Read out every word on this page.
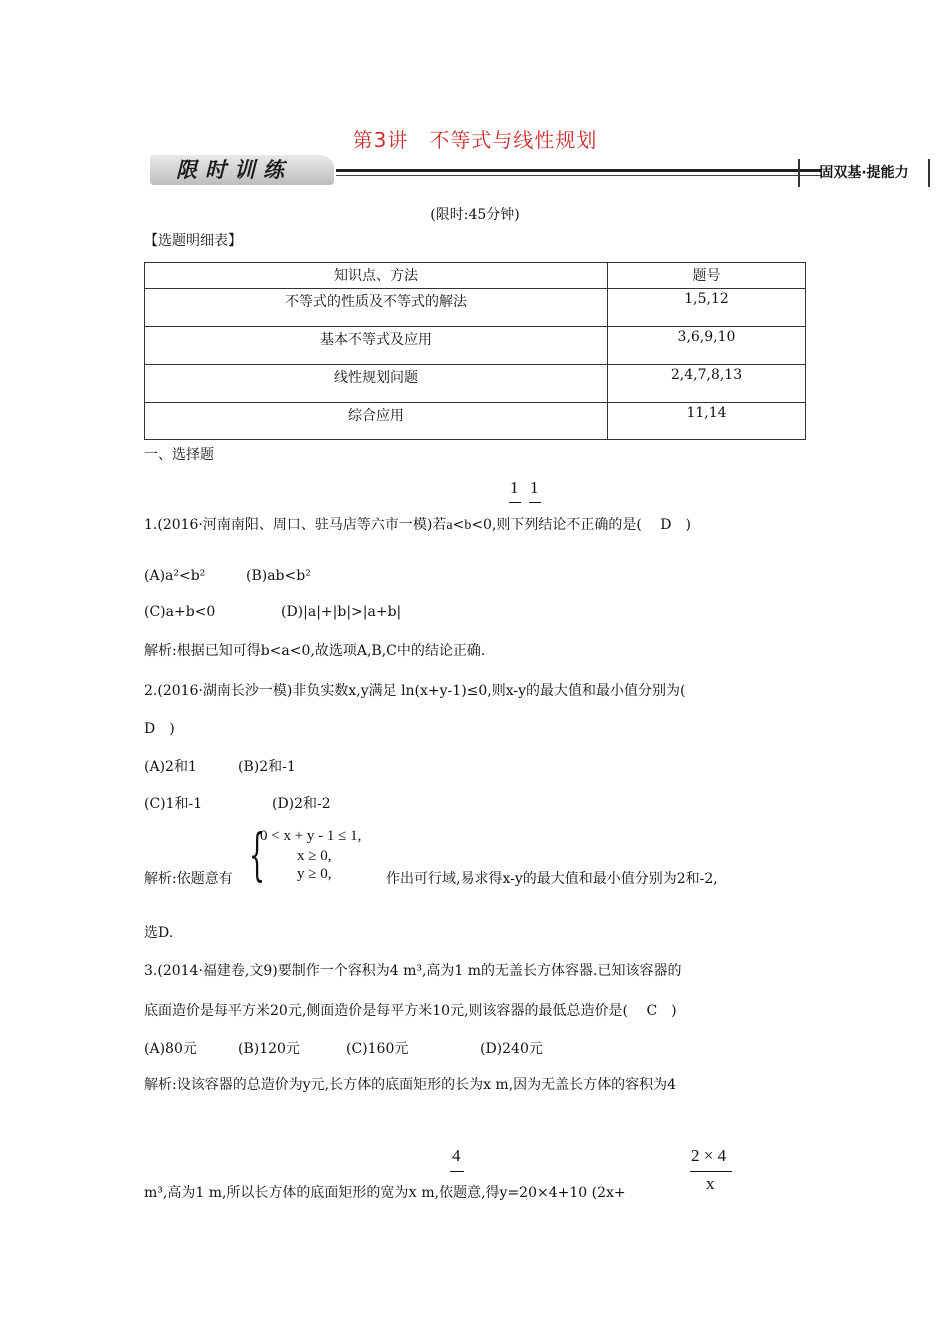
第3讲　不等式与线性规划
限时训练	固双基·提能力
(限时:45分钟)
【选题明细表】
知识点、方法	题号
不等式的性质及不等式的解法	1,5,12
基本不等式及应用	3,6,9,10
线性规划问题	2,4,7,8,13
综合应用	11,14
一、选择题
1 1
1.(2016·河南南阳、周口、驻马店等六市一模)若a<b<0,则下列结论不正确的是(　 D　)
(A)a²<b²	(B)ab<b²
(C)a+b<0	(D)|a|+|b|>|a+b|
解析:根据已知可得b<a<0,故选项A,B,C中的结论正确.
2.(2016·湖南长沙一模)非负实数x,y满足 ln(x+y-1)≤0,则x-y的最大值和最小值分别为(
D　)
(A)2和1	(B)2和-1
(C)1和-1	(D)2和-2
{
0 < x + y - 1 ≤ 1,
x ≥ 0,
y ≥ 0,
解析:依题意有	作出可行域,易求得x-y的最大值和最小值分别为2和-2,
选D.
3.(2014·福建卷,文9)要制作一个容积为4 m³,高为1 m的无盖长方体容器.已知该容器的
底面造价是每平方米20元,侧面造价是每平方米10元,则该容器的最低总造价是(　 C　)
(A)80元	(B)120元	(C)160元	(D)240元
解析:设该容器的总造价为y元,长方体的底面矩形的长为x m,因为无盖长方体的容积为4
4	2 × 4
x
m³,高为1 m,所以长方体的底面矩形的宽为x m,依题意,得y=20×4+10 (2x+
